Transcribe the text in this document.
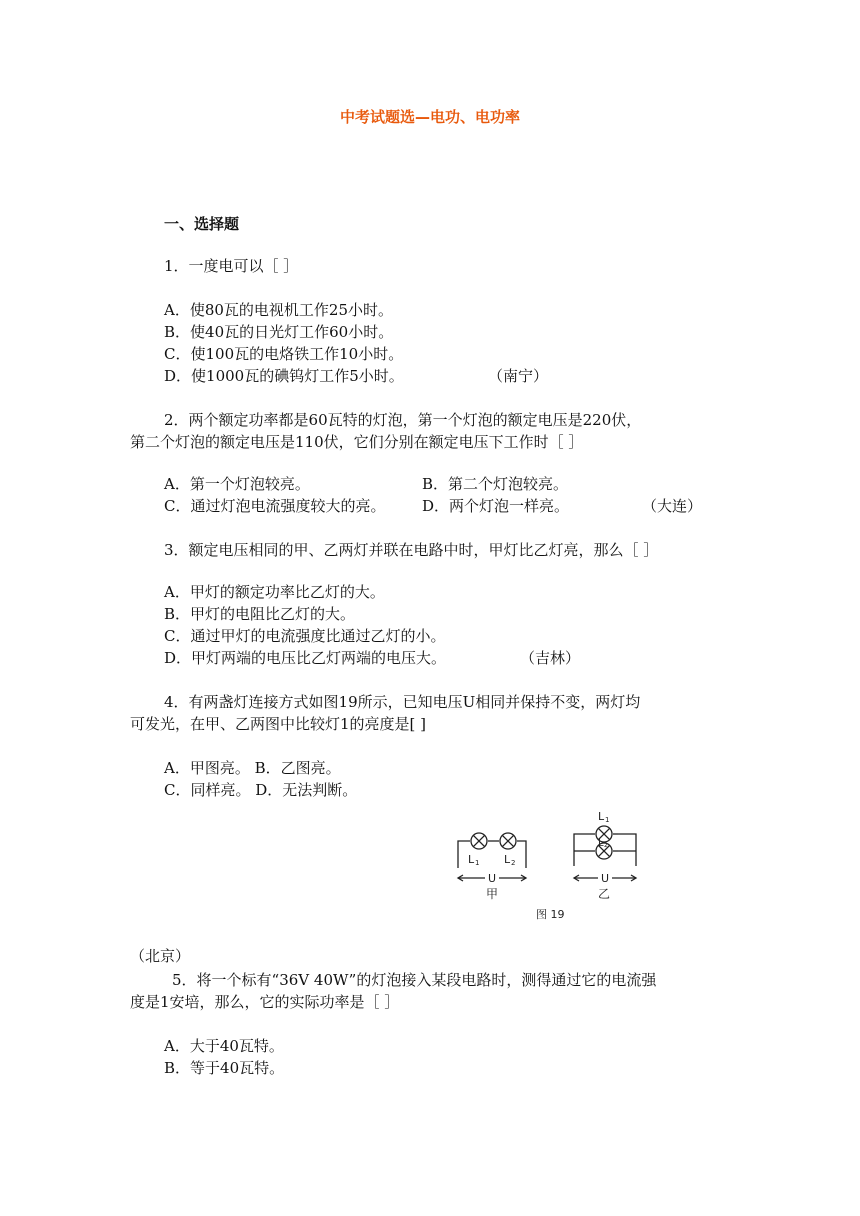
中考试题选—电功、电功率
一、选择题
1．一度电可以［ ］
A．使80瓦的电视机工作25小时。
B．使40瓦的日光灯工作60小时。
C．使100瓦的电烙铁工作10小时。
D．使1000瓦的碘钨灯工作5小时。	（南宁）
2．两个额定功率都是60瓦特的灯泡，第一个灯泡的额定电压是220伏，
第二个灯泡的额定电压是110伏，它们分别在额定电压下工作时［ ］
A．第一个灯泡较亮。	B．第二个灯泡较亮。
C．通过灯泡电流强度较大的亮。 D．两个灯泡一样亮。	（大连）
3．额定电压相同的甲、乙两灯并联在电路中时，甲灯比乙灯亮，那么［ ］
A．甲灯的额定功率比乙灯的大。
B．甲灯的电阻比乙灯的大。
C．通过甲灯的电流强度比通过乙灯的小。
D．甲灯两端的电压比乙灯两端的电压大。	（吉林）
4．有两盏灯连接方式如图19所示，已知电压U相同并保持不变，两灯均
可发光，在甲、乙两图中比较灯1的亮度是[ ]
A．甲图亮。 B．乙图亮。
C．同样亮。 D．无法判断。
L 1 L 2
U
甲
L 1
L 2
U
乙
图 19
（北京）
5．将一个标有“36V 40W”的灯泡接入某段电路时，测得通过它的电流强
度是1安培，那么，它的实际功率是［ ］
A．大于40瓦特。
B．等于40瓦特。
